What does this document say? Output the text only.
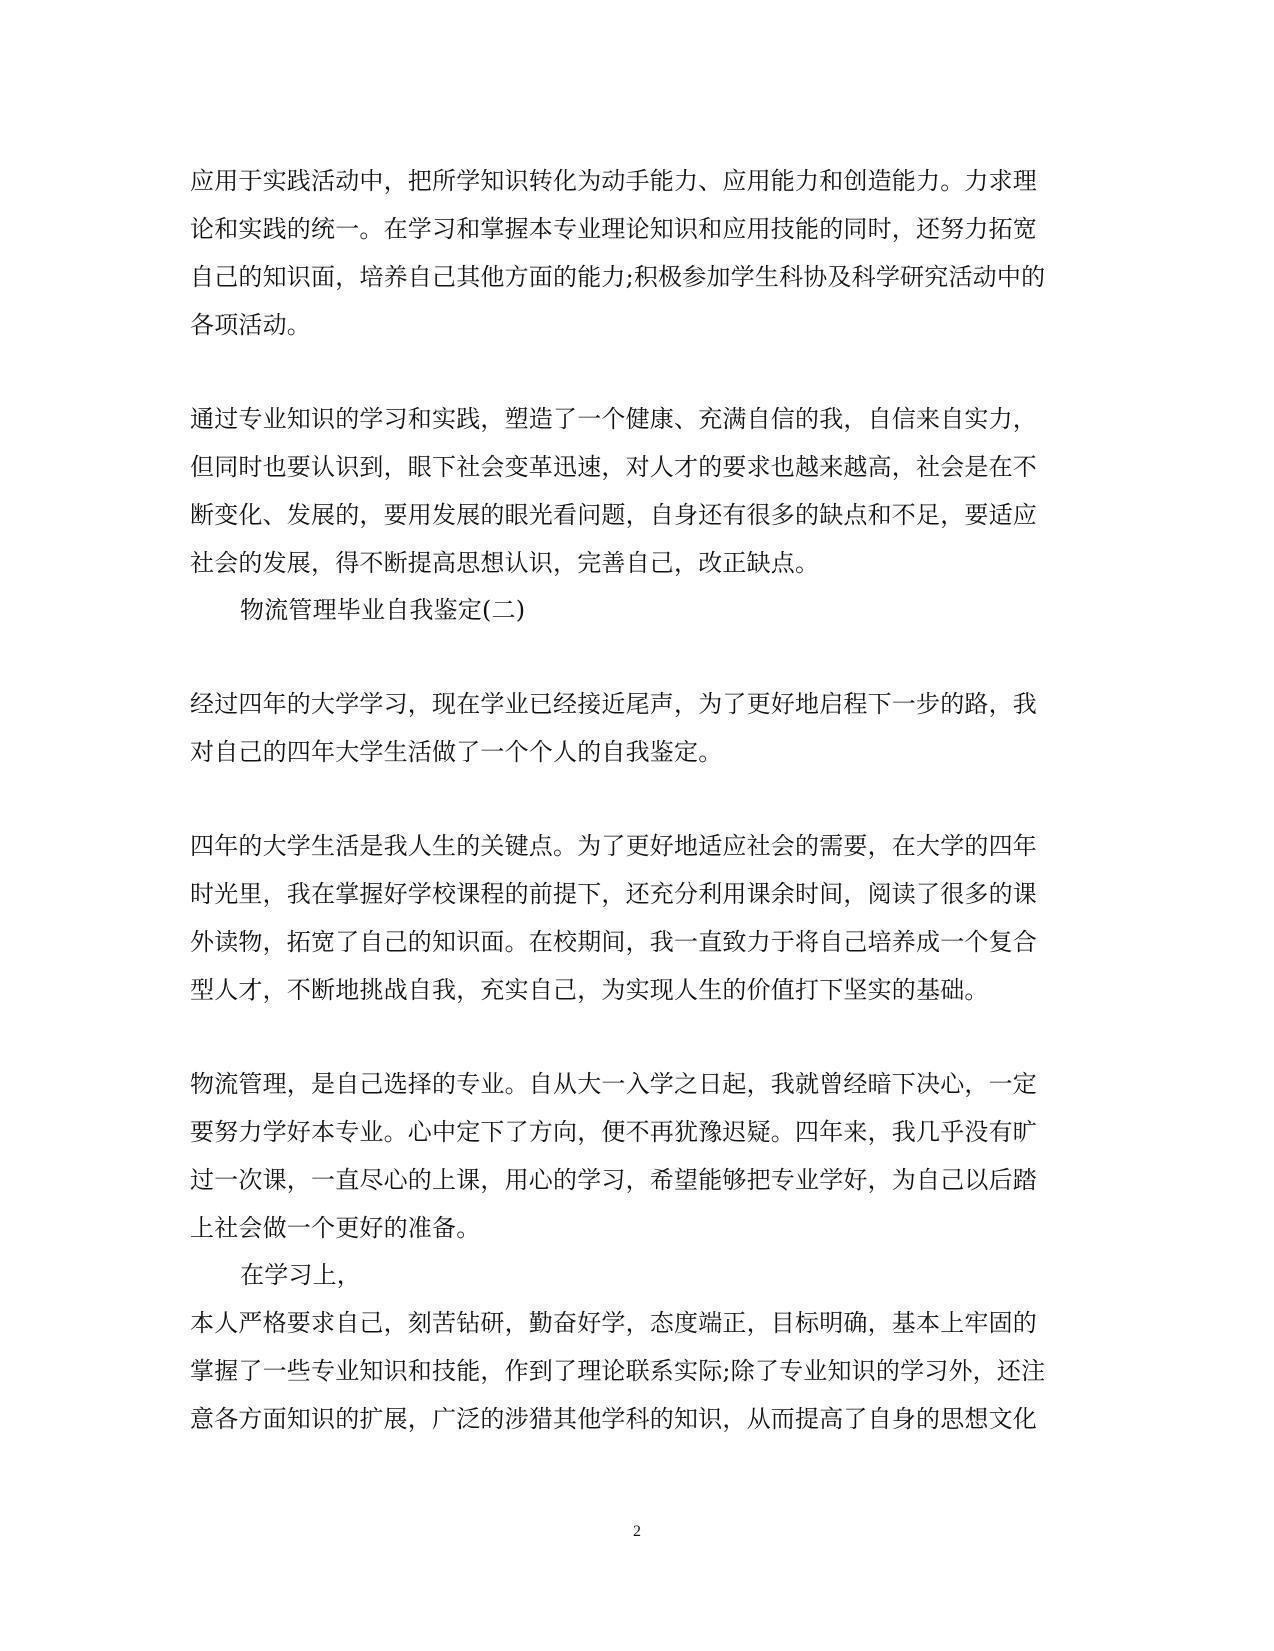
应用于实践活动中，把所学知识转化为动手能力、应用能力和创造能力。力求理
论和实践的统一。在学习和掌握本专业理论知识和应用技能的同时，还努力拓宽
自己的知识面，培养自己其他方面的能力;积极参加学生科协及科学研究活动中的
各项活动。
通过专业知识的学习和实践，塑造了一个健康、充满自信的我，自信来自实力，
但同时也要认识到，眼下社会变革迅速，对人才的要求也越来越高，社会是在不
断变化、发展的，要用发展的眼光看问题，自身还有很多的缺点和不足，要适应
社会的发展，得不断提高思想认识，完善自己，改正缺点。
物流管理毕业自我鉴定(二)
经过四年的大学学习，现在学业已经接近尾声，为了更好地启程下一步的路，我
对自己的四年大学生活做了一个个人的自我鉴定。
四年的大学生活是我人生的关键点。为了更好地适应社会的需要，在大学的四年
时光里，我在掌握好学校课程的前提下，还充分利用课余时间，阅读了很多的课
外读物，拓宽了自己的知识面。在校期间，我一直致力于将自己培养成一个复合
型人才，不断地挑战自我，充实自己，为实现人生的价值打下坚实的基础。
物流管理，是自己选择的专业。自从大一入学之日起，我就曾经暗下决心，一定
要努力学好本专业。心中定下了方向，便不再犹豫迟疑。四年来，我几乎没有旷
过一次课，一直尽心的上课，用心的学习，希望能够把专业学好，为自己以后踏
上社会做一个更好的准备。
在学习上，
本人严格要求自己，刻苦钻研，勤奋好学，态度端正，目标明确，基本上牢固的
掌握了一些专业知识和技能，作到了理论联系实际;除了专业知识的学习外，还注
意各方面知识的扩展，广泛的涉猎其他学科的知识，从而提高了自身的思想文化
2
